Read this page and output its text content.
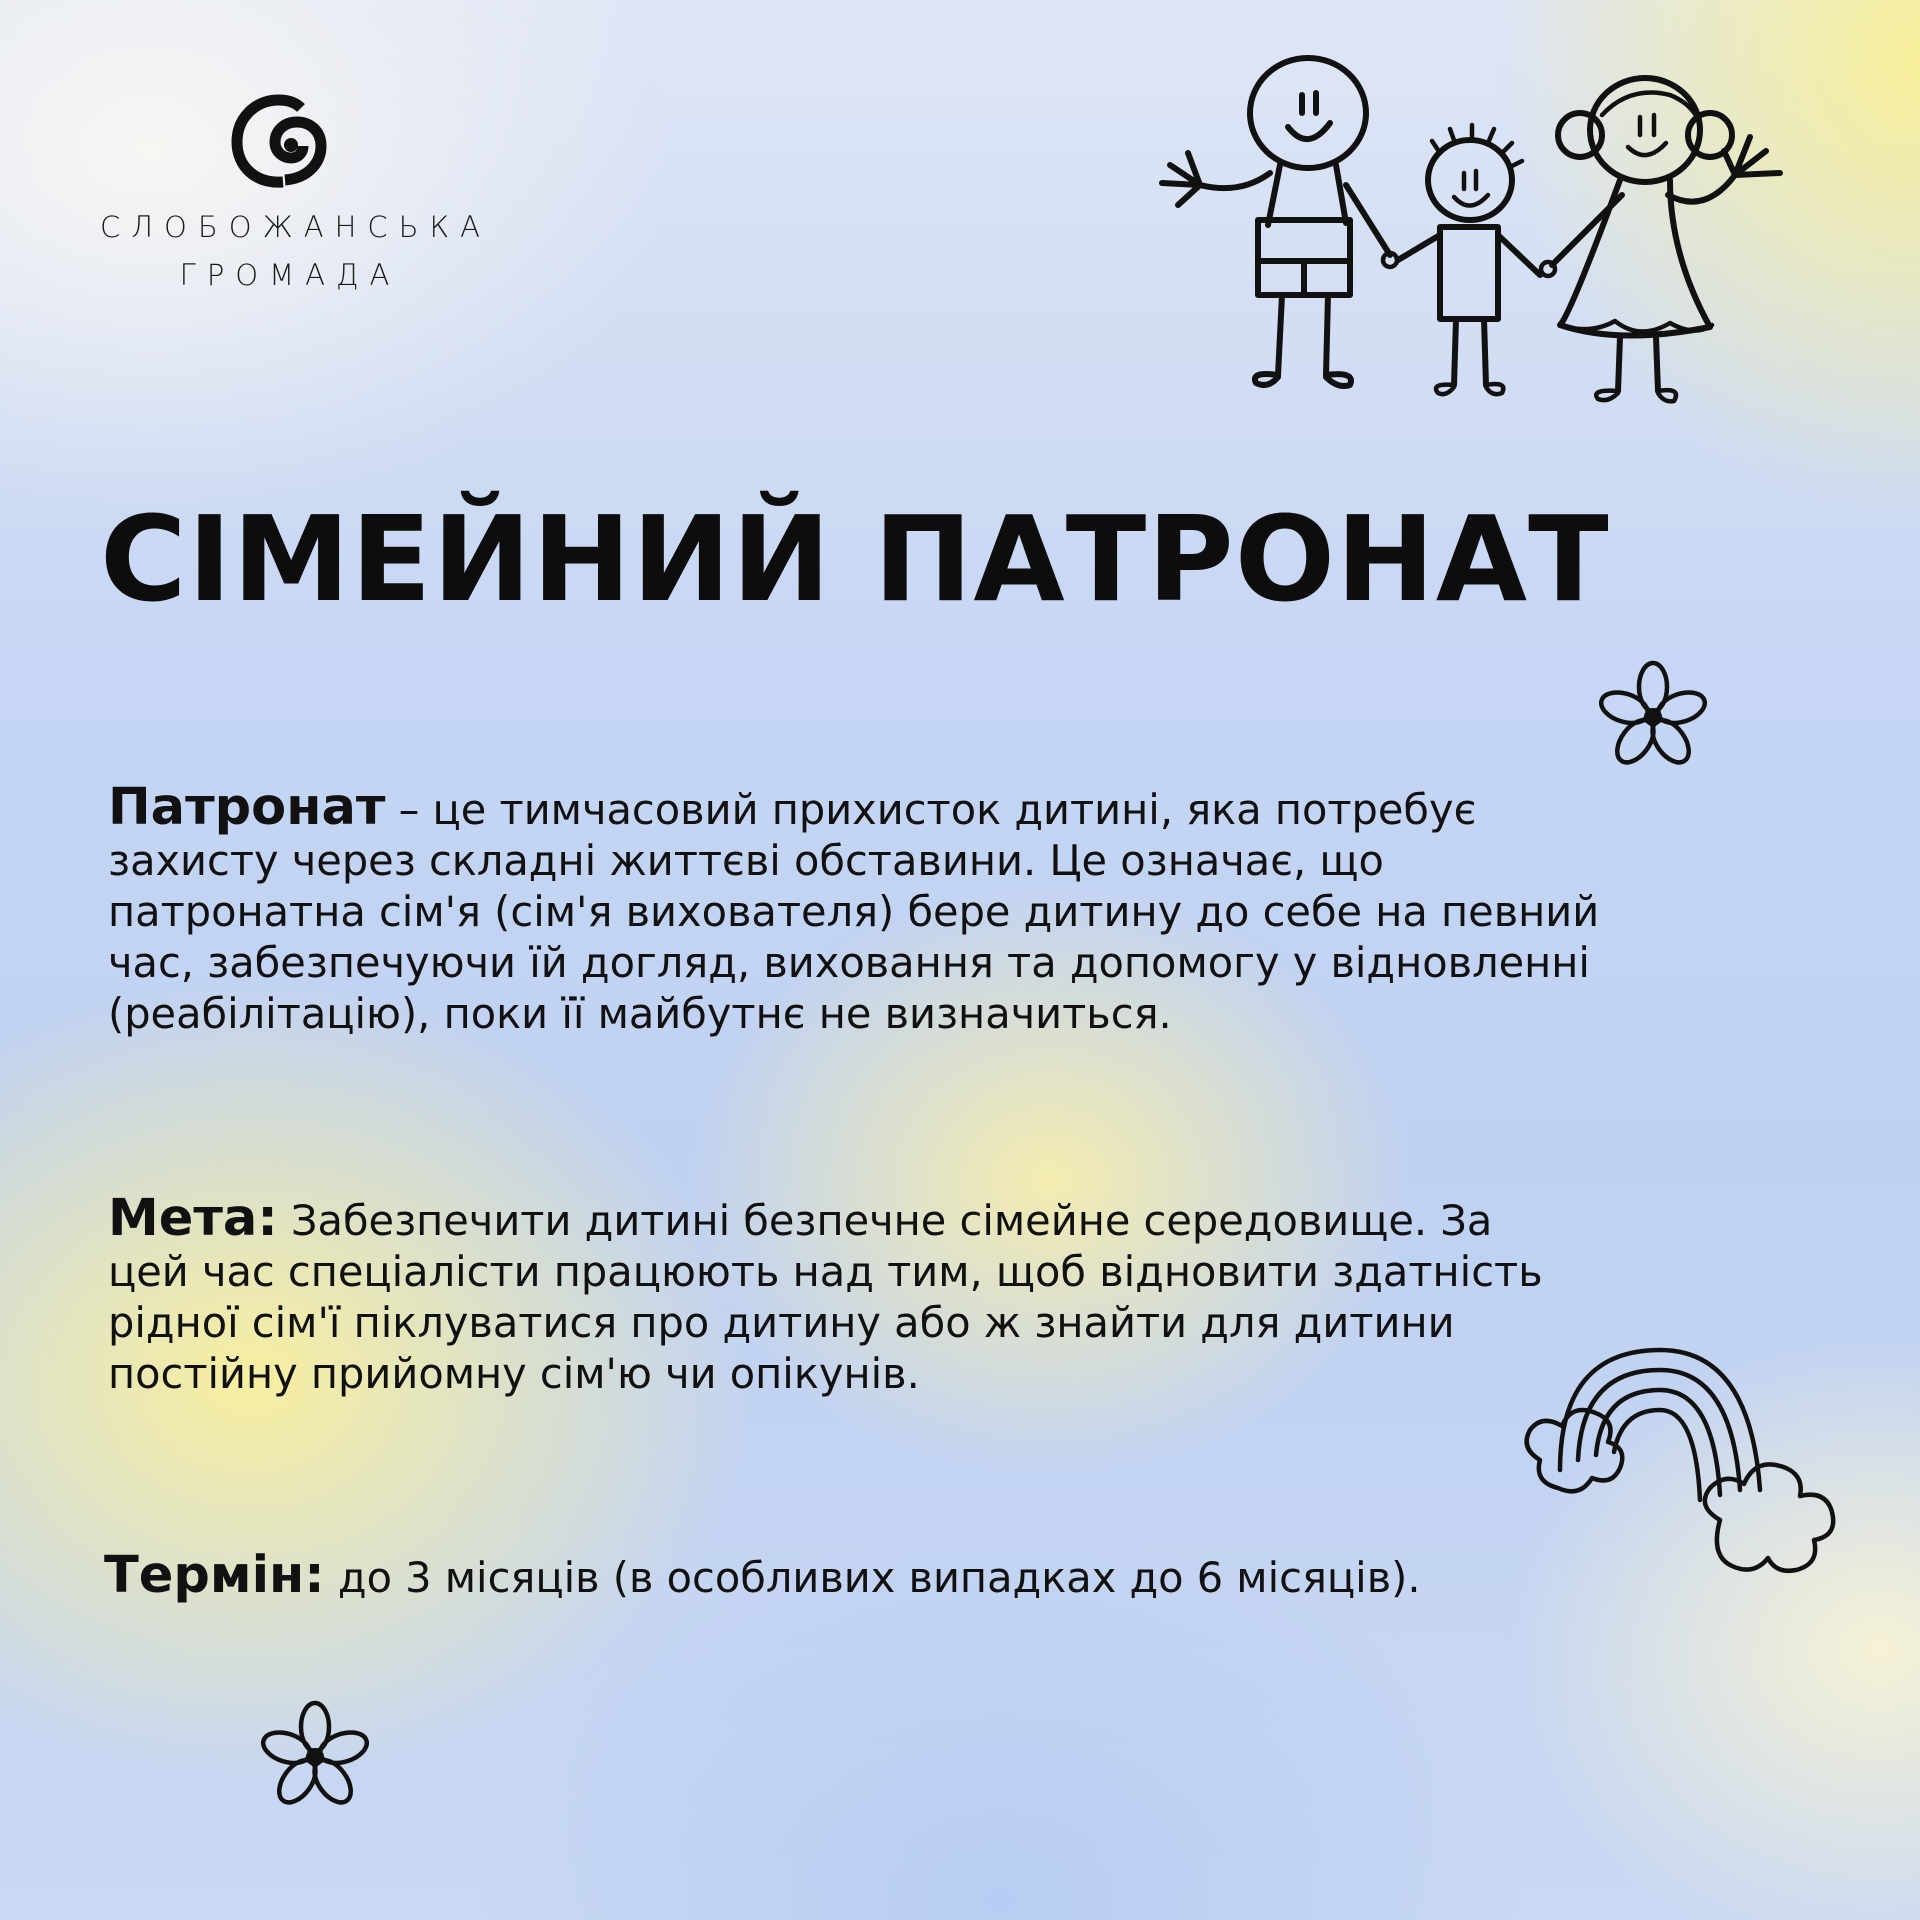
СЛОБОЖАНСЬКА
ГРОМАДА
СІМЕЙНИЙ ПАТРОНАТ

Патронат – це тимчасовий прихисток дитині, яка потребує захисту через складні життєві обставини. Це означає, що патронатна сім'я (сім'я вихователя) бере дитину до себе на певний час, забезпечуючи їй догляд, виховання та допомогу у відновленні (реабілітацію), поки її майбутнє не визначиться.

Мета: Забезпечити дитині безпечне сімейне середовище. За цей час спеціалісти працюють над тим, щоб відновити здатність рідної сім'ї піклуватися про дитину або ж знайти для дитини постійну прийомну сім'ю чи опікунів.

Термін: до 3 місяців (в особливих випадках до 6 місяців).
